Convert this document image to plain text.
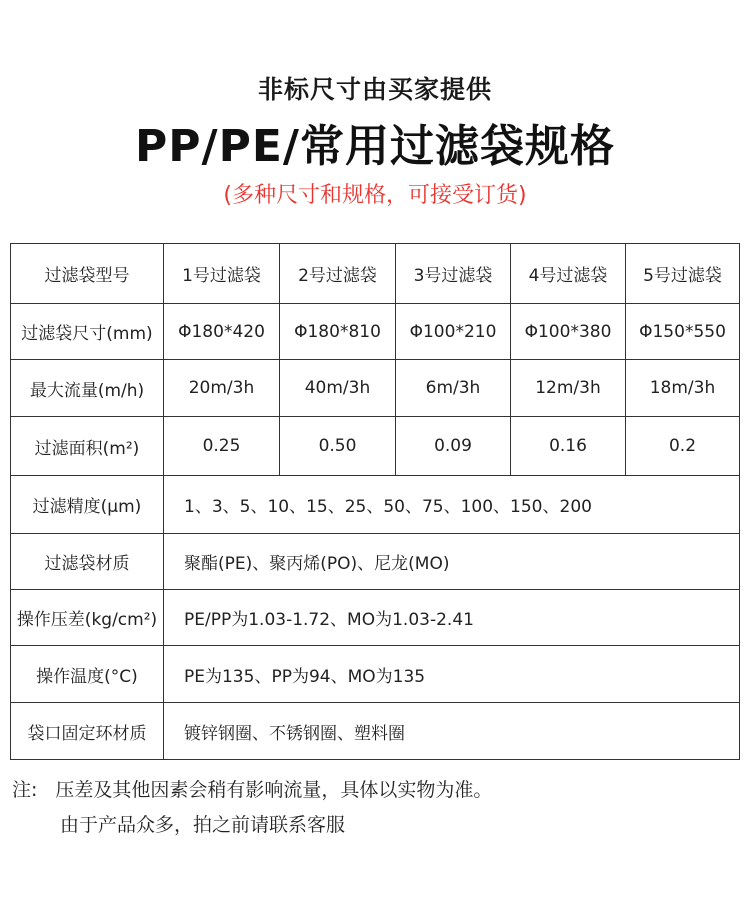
非标尺寸由买家提供
PP/PE/常用过滤袋规格
(多种尺寸和规格，可接受订货)
过滤袋型号	1号过滤袋	2号过滤袋	3号过滤袋	4号过滤袋	5号过滤袋
过滤袋尺寸(mm)	Φ180*420	Φ180*810	Φ100*210	Φ100*380	Φ150*550
最大流量(m/h)	20m/3h	40m/3h	6m/3h	12m/3h	18m/3h
过滤面积(m²)	0.25	0.50	0.09	0.16	0.2
过滤精度(μm)	1、3、5、10、15、25、50、75、100、150、200				
过滤袋材质	聚酯(PE)、聚丙烯(PO)、尼龙(MO)				
操作压差(kg/cm²)	PE/PP为1.03-1.72、MO为1.03-2.41				
操作温度(°C)	PE为135、PP为94、MO为135				
袋口固定环材质	镀锌钢圈、不锈钢圈、塑料圈				
注: 压差及其他因素会稍有影响流量，具体以实物为准。
由于产品众多，拍之前请联系客服
